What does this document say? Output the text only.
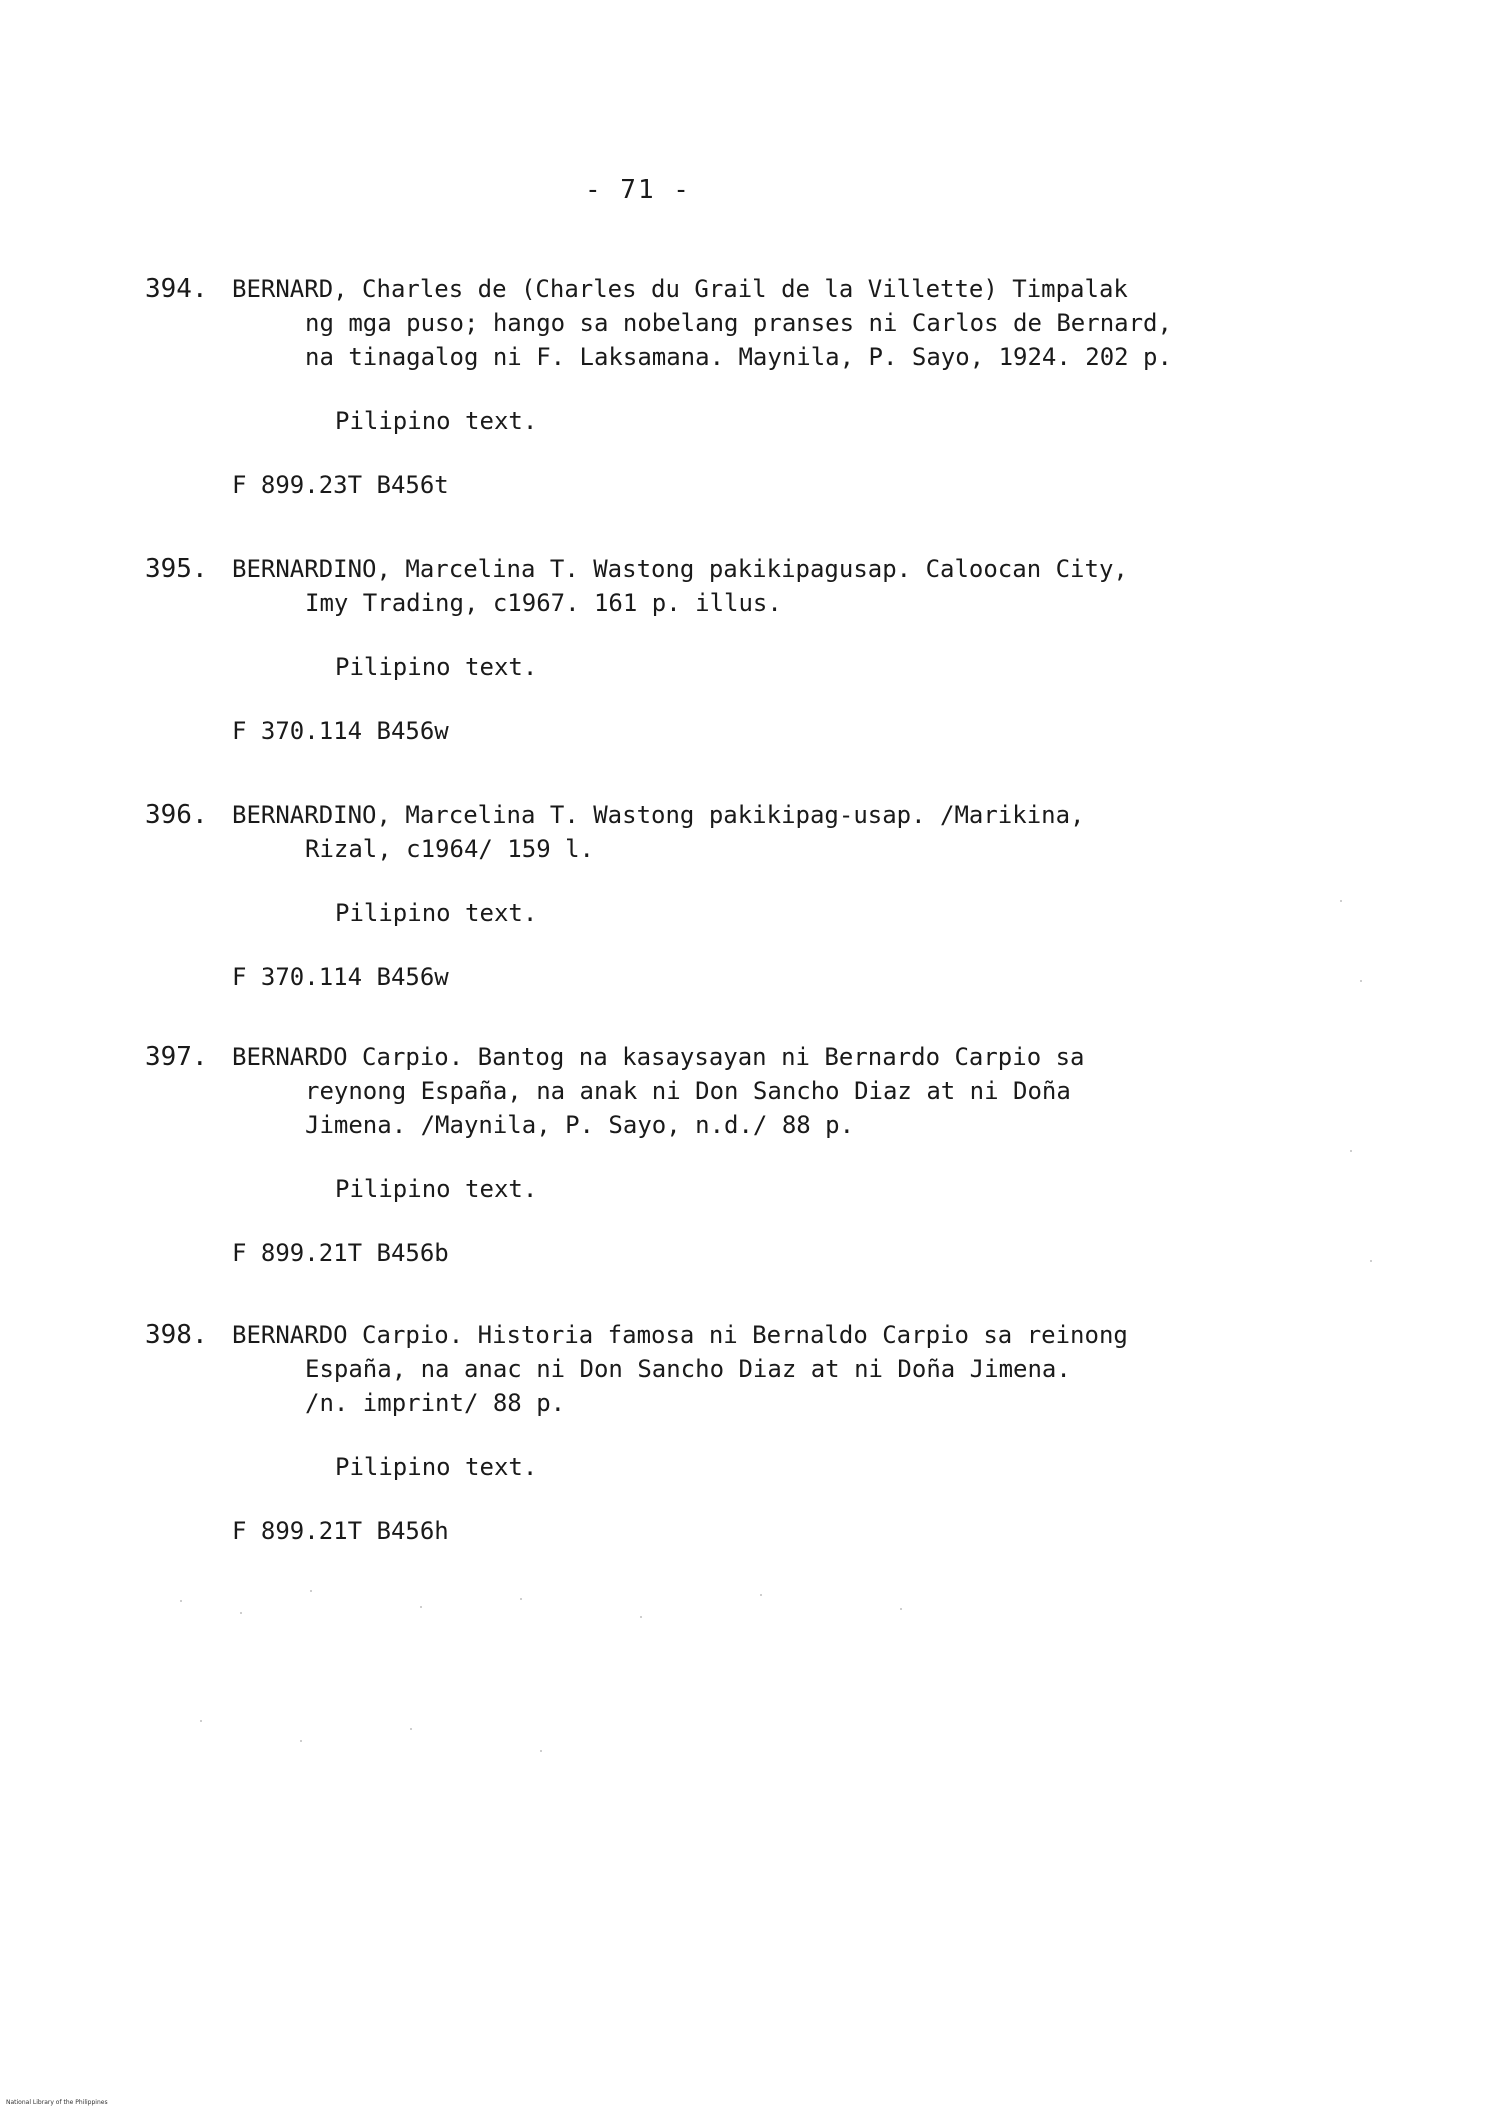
- 71 -
394. BERNARD, Charles de (Charles du Grail de la Villette) Timpalak
ng mga puso; hango sa nobelang pranses ni Carlos de Bernard,
na tinagalog ni F. Laksamana. Maynila, P. Sayo, 1924. 202 p.
Pilipino text.
F 899.23T B456t
395. BERNARDINO, Marcelina T. Wastong pakikipagusap. Caloocan City,
Imy Trading, c1967. 161 p. illus.
Pilipino text.
F 370.114 B456w
396. BERNARDINO, Marcelina T. Wastong pakikipag-usap. /Marikina,
Rizal, c1964/ 159 l.
Pilipino text.
F 370.114 B456w
397. BERNARDO Carpio. Bantog na kasaysayan ni Bernardo Carpio sa
reynong España, na anak ni Don Sancho Diaz at ni Doña
Jimena. /Maynila, P. Sayo, n.d./ 88 p.
Pilipino text.
F 899.21T B456b
398. BERNARDO Carpio. Historia famosa ni Bernaldo Carpio sa reinong
España, na anac ni Don Sancho Diaz at ni Doña Jimena.
/n. imprint/ 88 p.
Pilipino text.
F 899.21T B456h
National Library of the Philippines
